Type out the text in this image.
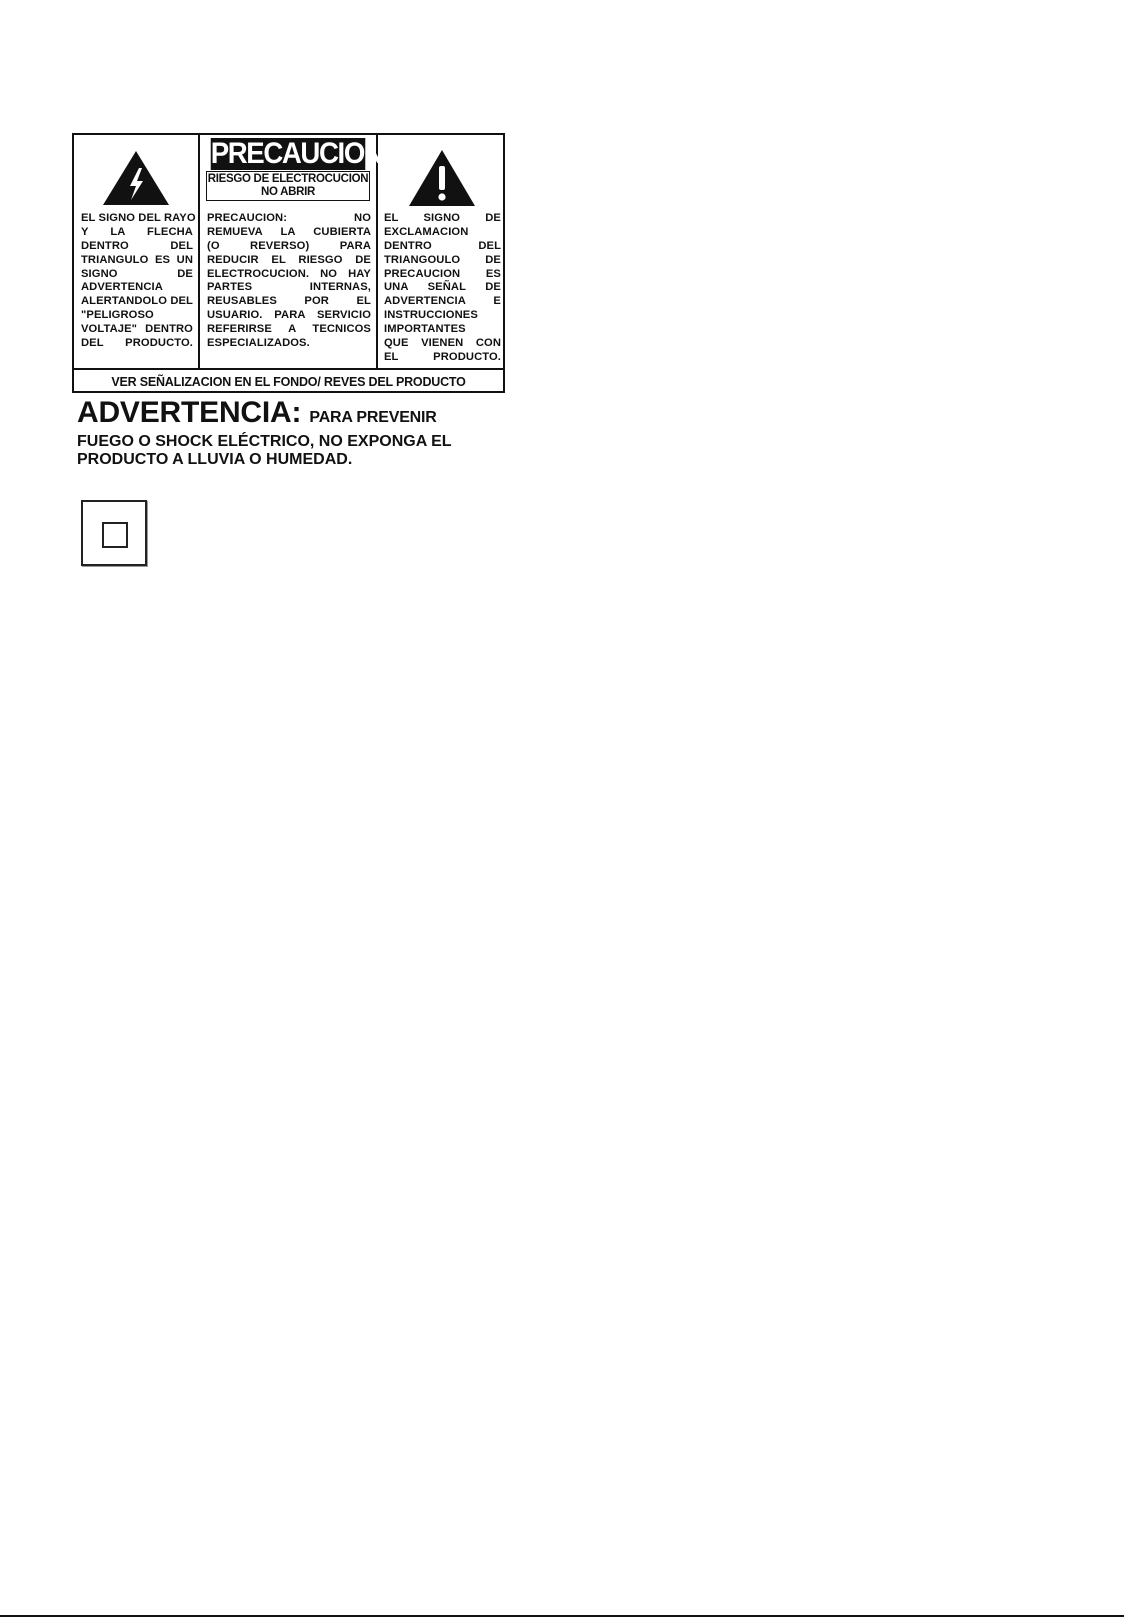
EL SIGNO DEL RAYO
Y LA FLECHA
DENTRO DEL
TRIANGULO ES UN
SIGNO DE
ADVERTENCIA
ALERTANDOLO DEL
"PELIGROSO
VOLTAJE" DENTRO
DEL PRODUCTO.
PRECAUCION
RIESGO DE ELECTROCUCION
NO ABRIR
PRECAUCION: NO
REMUEVA LA CUBIERTA
(O REVERSO) PARA
REDUCIR EL RIESGO DE
ELECTROCUCION. NO HAY
PARTES INTERNAS,
REUSABLES POR EL
USUARIO. PARA SERVICIO
REFERIRSE A TECNICOS
ESPECIALIZADOS.
EL SIGNO DE
EXCLAMACION
DENTRO DEL
TRIANGOULO DE
PRECAUCION ES
UNA SEÑAL DE
ADVERTENCIA E
INSTRUCCIONES
IMPORTANTES
QUE VIENEN CON
EL PRODUCTO.
VER SEÑALIZACION EN EL FONDO/ REVES DEL PRODUCTO
ADVERTENCIA: PARA PREVENIR
FUEGO O SHOCK ELÉCTRICO, NO EXPONGA EL
PRODUCTO A LLUVIA O HUMEDAD.
